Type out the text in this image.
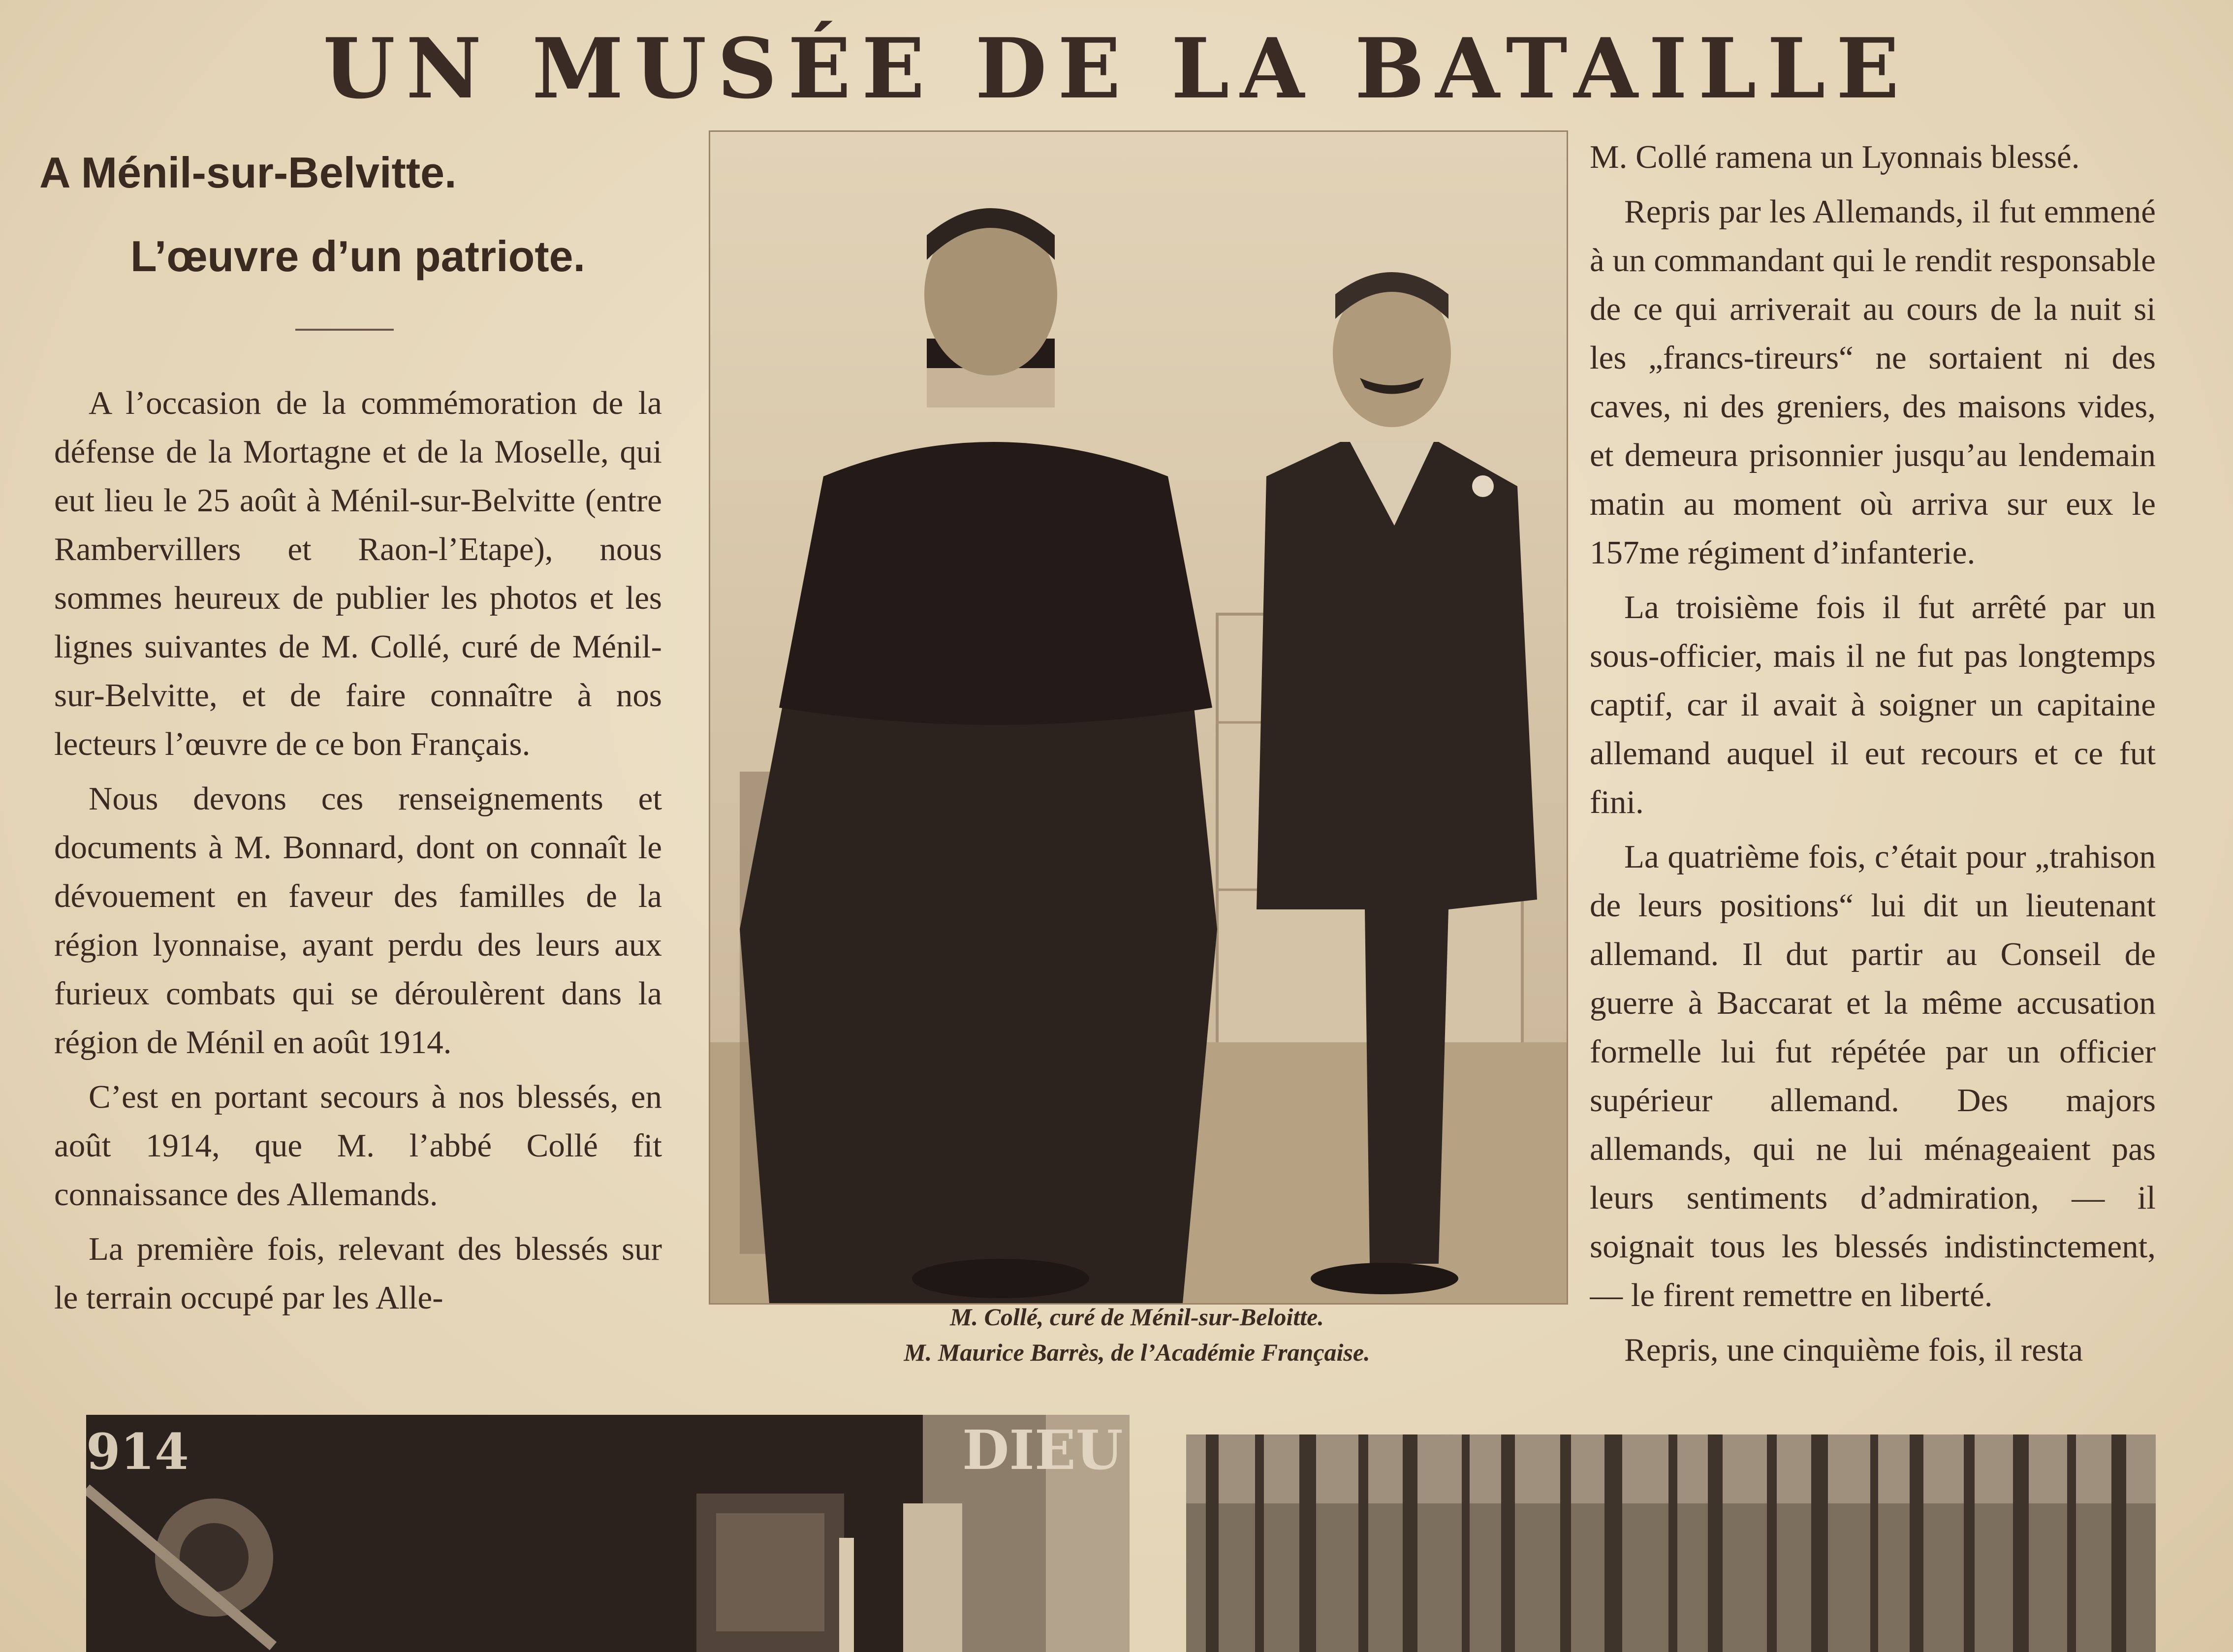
UN MUSÉE DE LA BATAILLE
A Ménil-sur-Belvitte.
L’œuvre d’un patriote.

A l’occasion de la commémoration de la défense de la Mortagne et de la Moselle, qui eut lieu le 25 août à Ménil-sur-Belvitte (entre Rambervillers et Raon-l’Etape), nous sommes heureux de publier les photos et les lignes suivantes de M. Collé, curé de Ménil-sur-Belvitte, et de faire connaître à nos lecteurs l’œuvre de ce bon Français.

Nous devons ces renseignements et documents à M. Bonnard, dont on connaît le dévouement en faveur des familles de la région lyonnaise, ayant perdu des leurs aux furieux combats qui se déroulèrent dans la région de Ménil en août 1914.

C’est en portant secours à nos blessés, en août 1914, que M. l’abbé Collé fit connaissance des Allemands.

La première fois, relevant des blessés sur le terrain occupé par les Alle-

M. Collé, curé de Ménil-sur-Beloitte.
M. Maurice Barrès, de l’Académie Française.

M. Collé ramena un Lyonnais blessé.

Repris par les Allemands, il fut emmené à un commandant qui le rendit responsable de ce qui arriverait au cours de la nuit si les „francs-tireurs“ ne sortaient ni des caves, ni des greniers, des maisons vides, et demeura prisonnier jusqu’au lendemain matin au moment où arriva sur eux le 157me régiment d’infanterie.

La troisième fois il fut arrêté par un sous-officier, mais il ne fut pas longtemps captif, car il avait à soigner un capitaine allemand auquel il eut recours et ce fut fini.

La quatrième fois, c’était pour „trahison de leurs positions“ lui dit un lieutenant allemand. Il dut partir au Conseil de guerre à Baccarat et la même accusation formelle lui fut répétée par un officier supérieur allemand. Des majors allemands, qui ne lui ménageaient pas leurs sentiments d’admiration, — il soignait tous les blessés indistinctement, — le firent remettre en liberté.

Repris, une cinquième fois, il resta

DIEU
914
